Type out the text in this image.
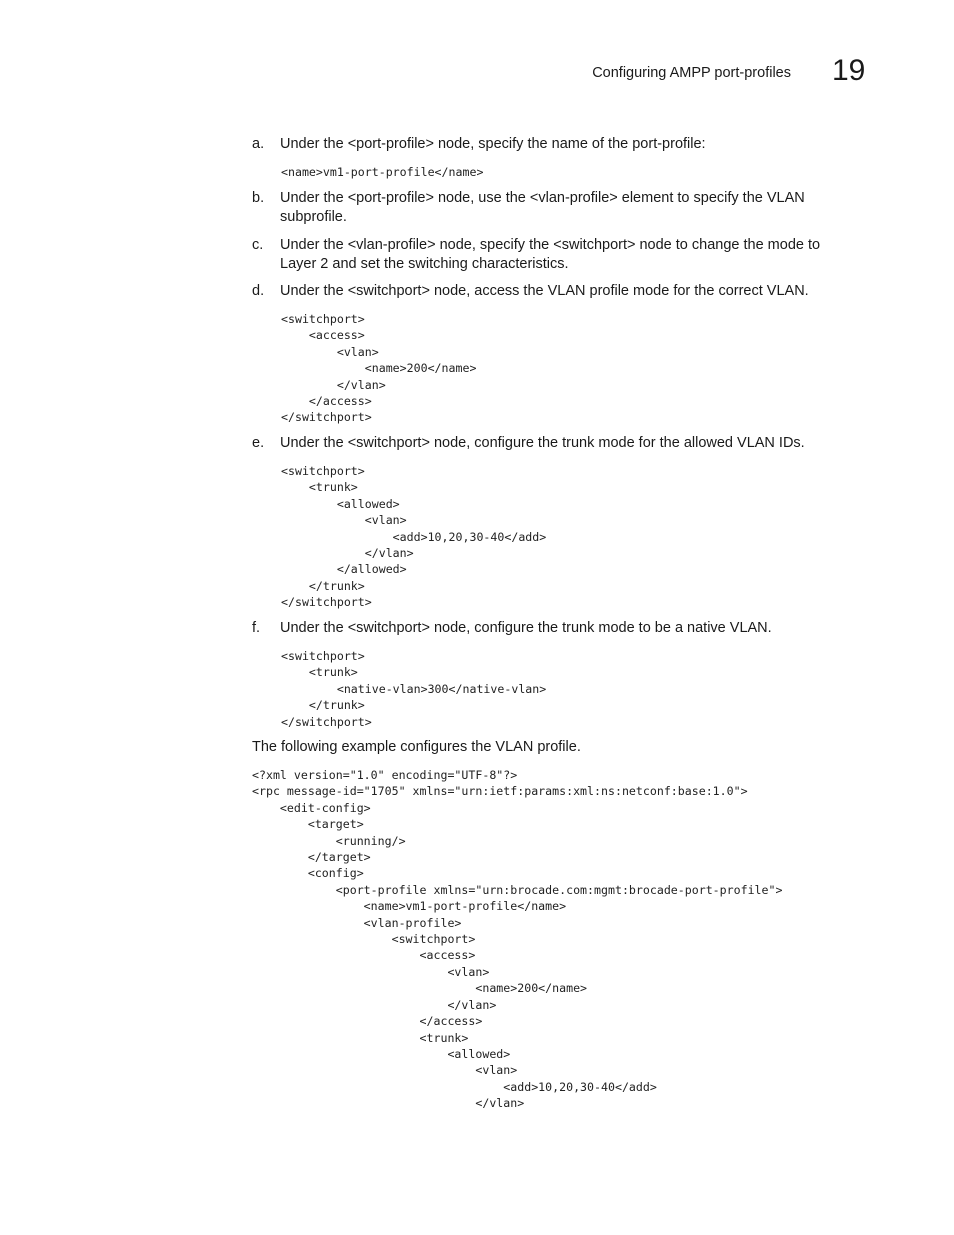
Configuring AMPP port-profiles 19
a. Under the <port-profile> node, specify the name of the port-profile:
<name>vm1-port-profile</name>
b. Under the <port-profile> node, use the <vlan-profile> element to specify the VLAN subprofile.
c. Under the <vlan-profile> node, specify the <switchport> node to change the mode to Layer 2 and set the switching characteristics.
d. Under the <switchport> node, access the VLAN profile mode for the correct VLAN.
<switchport>
<access>
<vlan>
<name>200</name>
</vlan>
</access>
</switchport>
e. Under the <switchport> node, configure the trunk mode for the allowed VLAN IDs.
<switchport>
<trunk>
<allowed>
<vlan>
<add>10,20,30-40</add>
</vlan>
</allowed>
</trunk>
</switchport>
f. Under the <switchport> node, configure the trunk mode to be a native VLAN.
<switchport>
<trunk>
<native-vlan>300</native-vlan>
</trunk>
</switchport>
The following example configures the VLAN profile.
<?xml version="1.0" encoding="UTF-8"?>
<rpc message-id="1705" xmlns="urn:ietf:params:xml:ns:netconf:base:1.0">
<edit-config>
<target>
<running/>
</target>
<config>
<port-profile xmlns="urn:brocade.com:mgmt:brocade-port-profile">
<name>vm1-port-profile</name>
<vlan-profile>
<switchport>
<access>
<vlan>
<name>200</name>
</vlan>
</access>
<trunk>
<allowed>
<vlan>
<add>10,20,30-40</add>
</vlan>
